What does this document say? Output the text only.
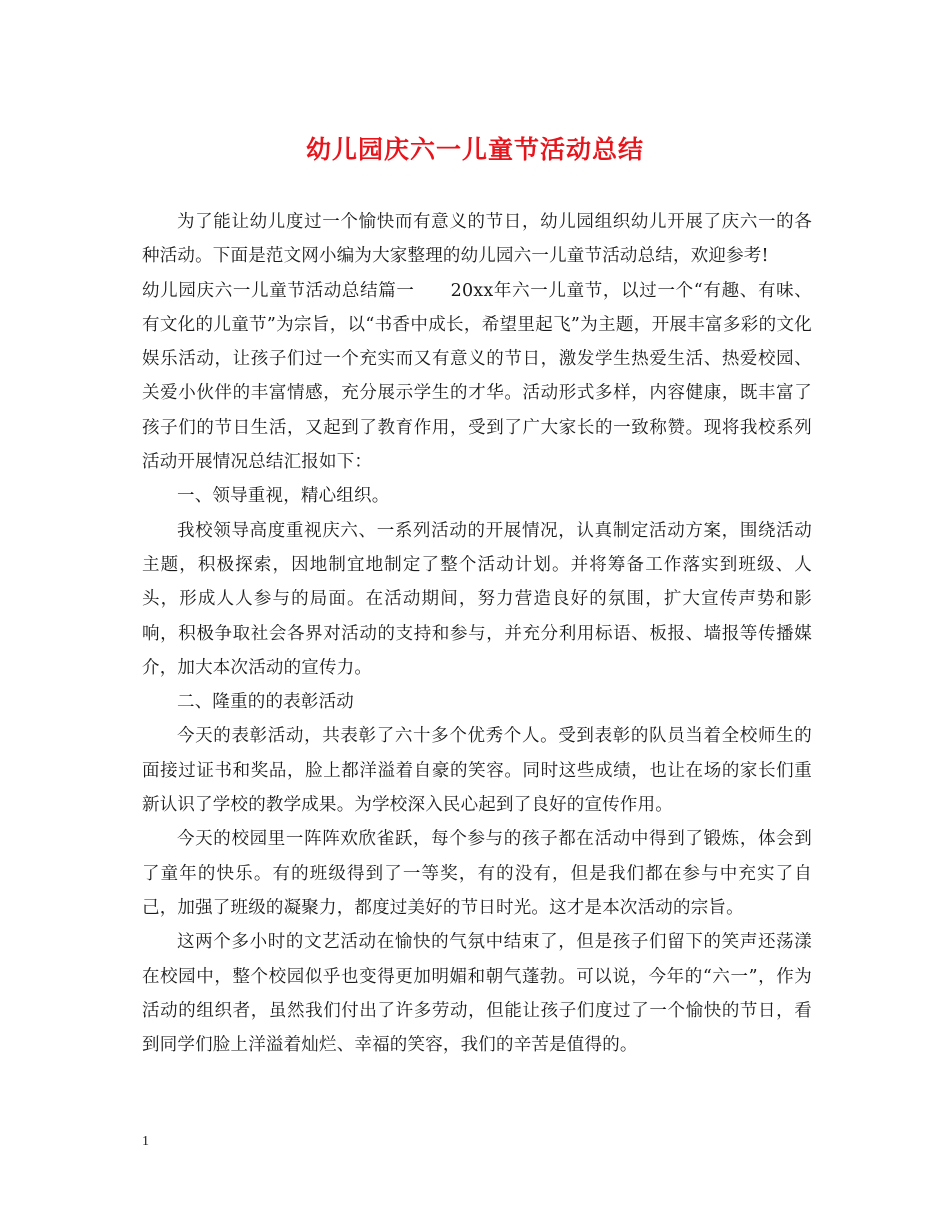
幼儿园庆六一儿童节活动总结

为了能让幼儿度过一个愉快而有意义的节日，幼儿园组织幼儿开展了庆六一的各种活动。下面是范文网小编为大家整理的幼儿园六一儿童节活动总结，欢迎参考!

幼儿园庆六一儿童节活动总结篇一 20xx年六一儿童节，以过一个“有趣、有味、有文化的儿童节”为宗旨，以“书香中成长，希望里起飞”为主题，开展丰富多彩的文化娱乐活动，让孩子们过一个充实而又有意义的节日，激发学生热爱生活、热爱校园、关爱小伙伴的丰富情感，充分展示学生的才华。活动形式多样，内容健康，既丰富了孩子们的节日生活，又起到了教育作用，受到了广大家长的一致称赞。现将我校系列活动开展情况总结汇报如下：

一、领导重视，精心组织。

我校领导高度重视庆六、一系列活动的开展情况，认真制定活动方案，围绕活动主题，积极探索，因地制宜地制定了整个活动计划。并将筹备工作落实到班级、人头，形成人人参与的局面。在活动期间，努力营造良好的氛围，扩大宣传声势和影响，积极争取社会各界对活动的支持和参与，并充分利用标语、板报、墙报等传播媒介，加大本次活动的宣传力。

二、隆重的的表彰活动

今天的表彰活动，共表彰了六十多个优秀个人。受到表彰的队员当着全校师生的面接过证书和奖品，脸上都洋溢着自豪的笑容。同时这些成绩，也让在场的家长们重新认识了学校的教学成果。为学校深入民心起到了良好的宣传作用。

今天的校园里一阵阵欢欣雀跃，每个参与的孩子都在活动中得到了锻炼，体会到了童年的快乐。有的班级得到了一等奖，有的没有，但是我们都在参与中充实了自己，加强了班级的凝聚力，都度过美好的节日时光。这才是本次活动的宗旨。

这两个多小时的文艺活动在愉快的气氛中结束了，但是孩子们留下的笑声还荡漾在校园中，整个校园似乎也变得更加明媚和朝气蓬勃。可以说，今年的“六一”，作为活动的组织者，虽然我们付出了许多劳动，但能让孩子们度过了一个愉快的节日，看到同学们脸上洋溢着灿烂、幸福的笑容，我们的辛苦是值得的。

1
